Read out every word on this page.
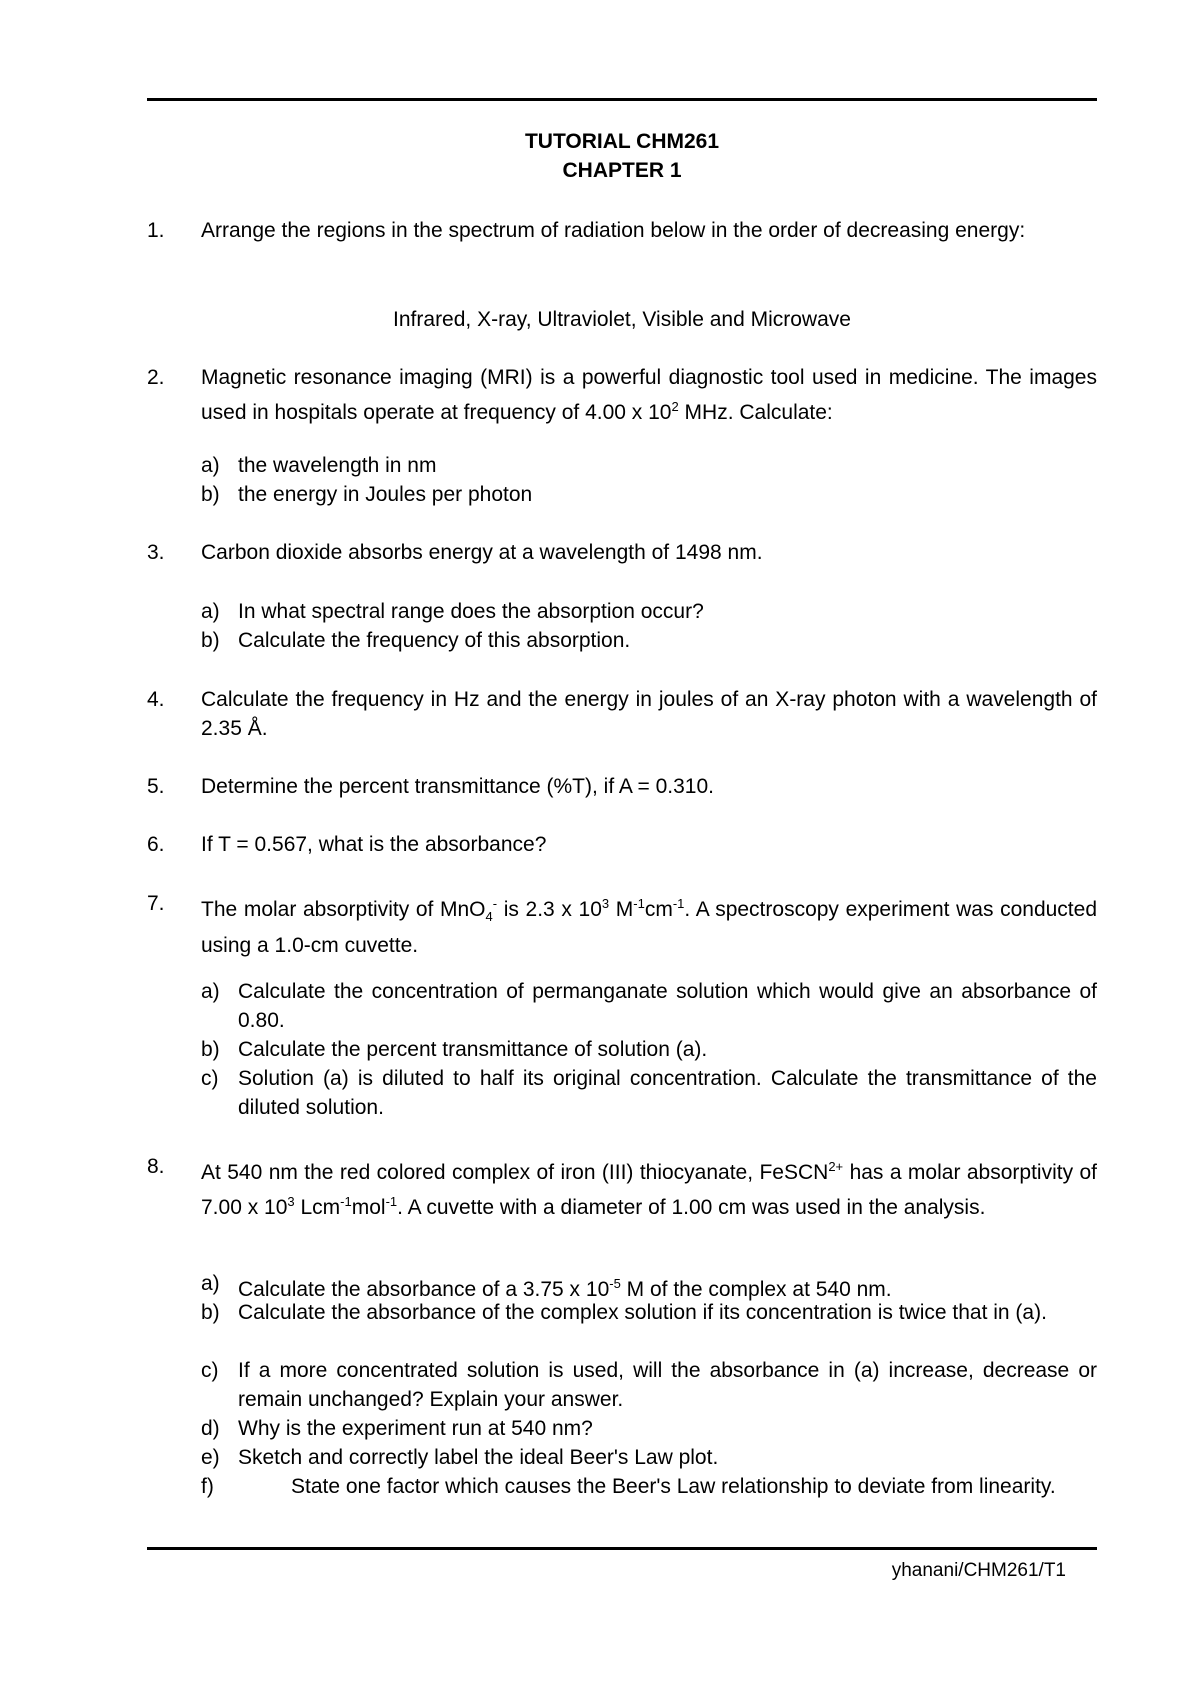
TUTORIAL CHM261
CHAPTER 1
1. Arrange the regions in the spectrum of radiation below in the order of decreasing energy:
Infrared, X-ray, Ultraviolet, Visible and Microwave
2. Magnetic resonance imaging (MRI) is a powerful diagnostic tool used in medicine. The images used in hospitals operate at frequency of 4.00 x $10^2$ MHz. Calculate:
a) the wavelength in nm
b) the energy in Joules per photon
3. Carbon dioxide absorbs energy at a wavelength of 1498 nm.
a) In what spectral range does the absorption occur?
b) Calculate the frequency of this absorption.
4. Calculate the frequency in Hz and the energy in joules of an X-ray photon with a wavelength of 2.35 Å.
5. Determine the percent transmittance (%T), if A = 0.310.
6. If T = 0.567, what is the absorbance?
7. The molar absorptivity of MnO$_4$- is 2.3 x $10^3$ $M^{-1}cm^{-1}$. A spectroscopy experiment was conducted using a 1.0-cm cuvette.
a) Calculate the concentration of permanganate solution which would give an absorbance of 0.80.
b) Calculate the percent transmittance of solution (a).
c) Solution (a) is diluted to half its original concentration. Calculate the transmittance of the diluted solution.
8. At 540 nm the red colored complex of iron (III) thiocyanate, FeSCN$^{2+}$ has a molar absorptivity of 7.00 x $10^3$ Lcm$^{-1}$mol$^{-1}$. A cuvette with a diameter of 1.00 cm was used in the analysis.
a) Calculate the absorbance of a 3.75 x $10^{-5}$ M of the complex at 540 nm.
b) Calculate the absorbance of the complex solution if its concentration is twice that in (a).
c) If a more concentrated solution is used, will the absorbance in (a) increase, decrease or remain unchanged? Explain your answer.
d) Why is the experiment run at 540 nm?
e) Sketch and correctly label the ideal Beer's Law plot.
f)	State one factor which causes the Beer's Law relationship to deviate from linearity.
yhanani/CHM261/T1
